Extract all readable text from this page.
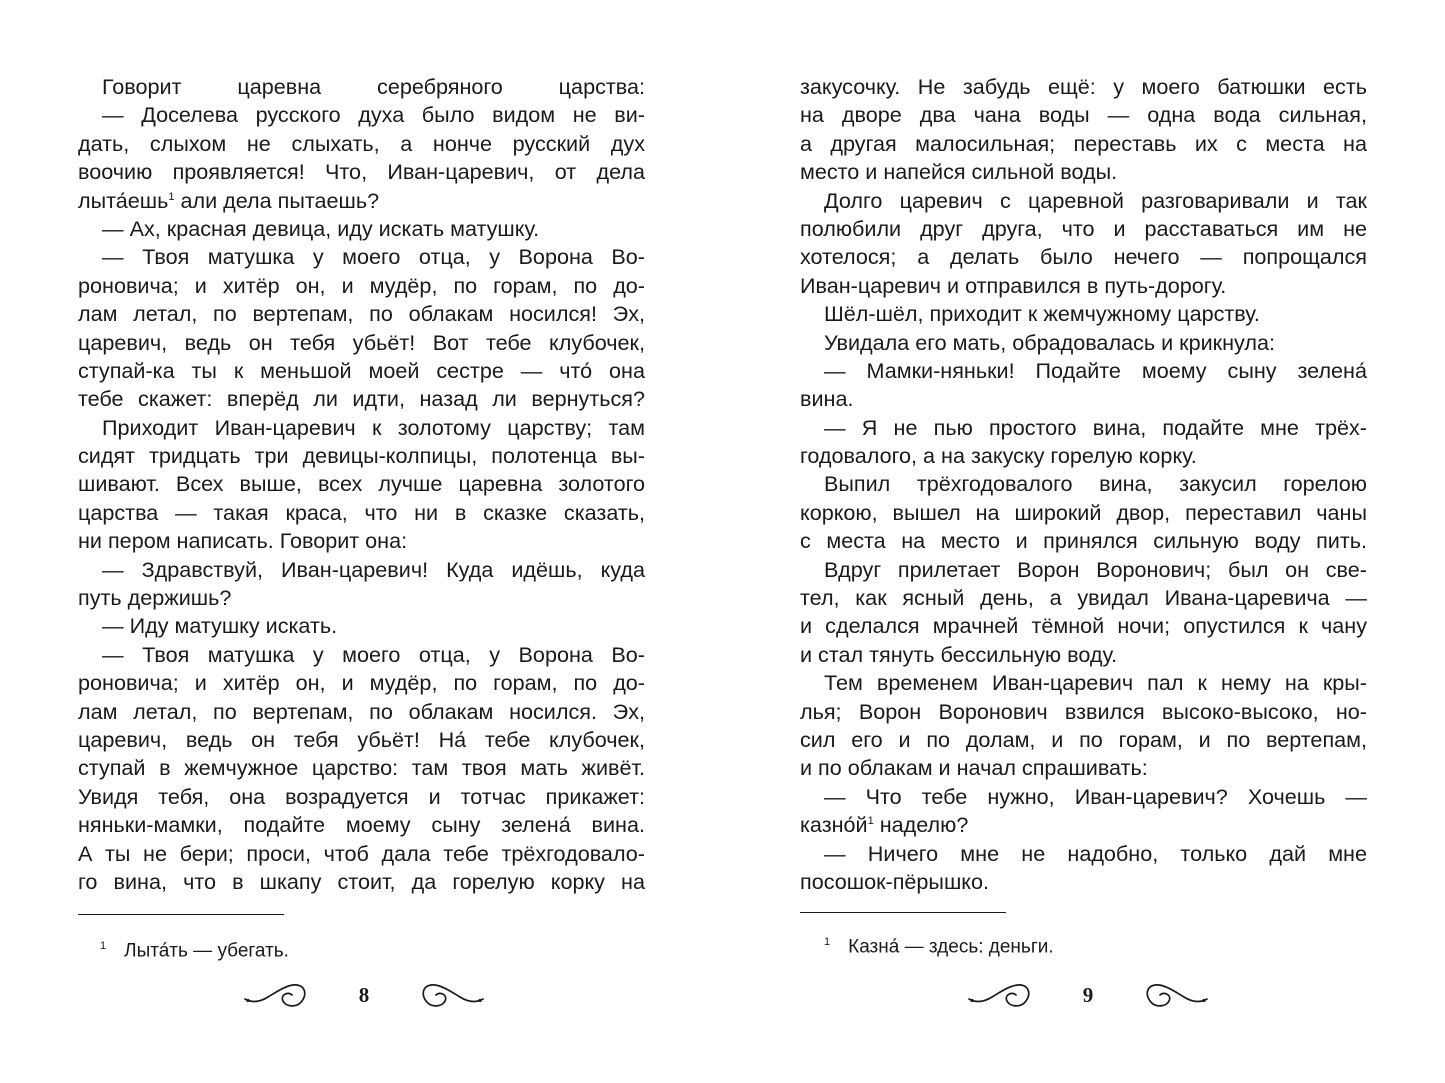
Говорит царевна серебряного царства:
— Доселева русского духа было видом не ви-
дать, слыхом не слыхать, а нонче русский дух
воочию проявляется! Что, Иван-царевич, от дела
лыта́ешь$^1$ али дела пытаешь?
— Ах, красная девица, иду искать матушку.
— Твоя матушка у моего отца, у Ворона Во-
роновича; и хитёр он, и мудёр, по горам, по до-
лам летал, по вертепам, по облакам носился! Эх,
царевич, ведь он тебя убьёт! Вот тебе клубочек,
ступай-ка ты к меньшой моей сестре — что́ она
тебе скажет: вперёд ли идти, назад ли вернуться?
Приходит Иван-царевич к золотому царству; там
сидят тридцать три девицы-колпицы, полотенца вы-
шивают. Всех выше, всех лучше царевна золотого
царства — такая краса, что ни в сказке сказать,
ни пером написать. Говорит она:
— Здравствуй, Иван-царевич! Куда идёшь, куда
путь держишь?
— Иду матушку искать.
— Твоя матушка у моего отца, у Ворона Во-
роновича; и хитёр он, и мудёр, по горам, по до-
лам летал, по вертепам, по облакам носился. Эх,
царевич, ведь он тебя убьёт! На́ тебе клубочек,
ступай в жемчужное царство: там твоя мать живёт.
Увидя тебя, она возрадуется и тотчас прикажет:
няньки-мамки, подайте моему сыну зелена́ вина.
А ты не бери; проси, чтоб дала тебе трёхгодовало-
го вина, что в шкапу стоит, да горелую корку на
$^1$ Лыта́ть — убегать.
8
закусочку. Не забудь ещё: у моего батюшки есть
на дворе два чана воды — одна вода сильная,
а другая малосильная; переставь их с места на
место и напейся сильной воды.
Долго царевич с царевной разговаривали и так
полюбили друг друга, что и расставаться им не
хотелося; а делать было нечего — попрощался
Иван-царевич и отправился в путь-дорогу.
Шёл-шёл, приходит к жемчужному царству.
Увидала его мать, обрадовалась и крикнула:
— Мамки-няньки! Подайте моему сыну зелена́
вина.
— Я не пью простого вина, подайте мне трёх-
годовалого, а на закуску горелую корку.
Выпил трёхгодовалого вина, закусил горелою
коркою, вышел на широкий двор, переставил чаны
с места на место и принялся сильную воду пить.
Вдруг прилетает Ворон Воронович; был он све-
тел, как ясный день, а увидал Ивана-царевича —
и сделался мрачней тёмной ночи; опустился к чану
и стал тянуть бессильную воду.
Тем временем Иван-царевич пал к нему на кры-
лья; Ворон Воронович взвился высоко-высоко, но-
сил его и по долам, и по горам, и по вертепам,
и по облакам и начал спрашивать:
— Что тебе нужно, Иван-царевич? Хочешь —
$казно́й^1$ наделю?
— Ничего мне не надобно, только дай мне
посошок-пёрышко.
$^1$ Казна́ — здесь: деньги.
9
